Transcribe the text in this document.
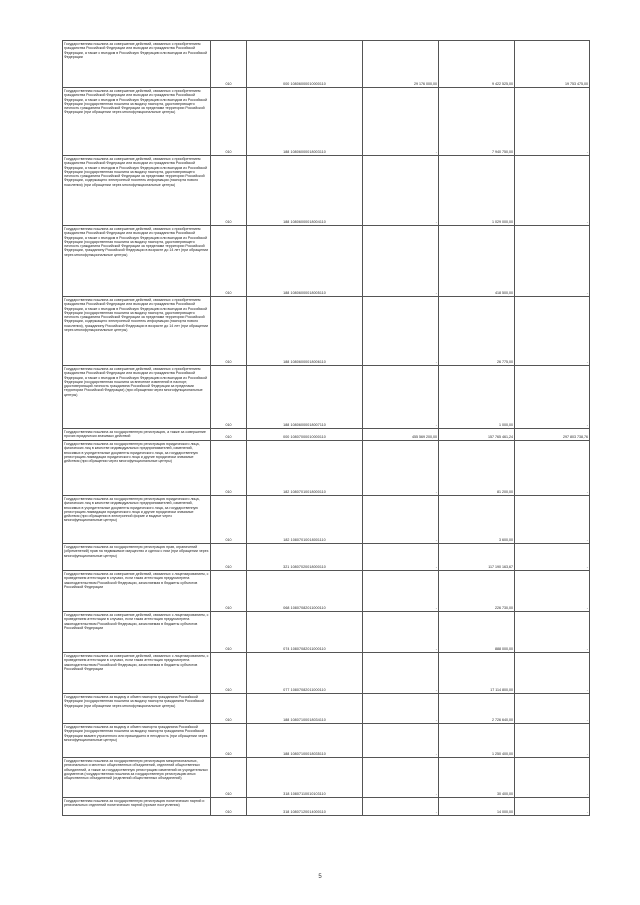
Государственная пошлина за совершение действий, связанных с приобретением гражданства Российской Федерации или выходом из гражданства Российской Федерации, а также с въездом в Российскую Федерацию или выездом из Российской Федерации	010	000 10806000010000110	29 176 000,00	9 422 525,00	19 753 475,00
Государственная пошлина за совершение действий, связанных с приобретением гражданства Российской Федерации или выходом из гражданства Российской Федерации, а также с въездом в Российскую Федерацию или выездом из Российской Федерации (государственная пошлина за выдачу паспорта, удостоверяющего личность гражданина Российской Федерации за пределами территории Российской Федерации (при обращении через многофункциональные центры)	010	188 10806000018003110	-	7 940 750,00	-
Государственная пошлина за совершение действий, связанных с приобретением гражданства Российской Федерации или выходом из гражданства Российской Федерации, а также с въездом в Российскую Федерацию или выездом из Российской Федерации (государственная пошлина за выдачу паспорта, удостоверяющего личность гражданина Российской Федерации за пределами территории Российской Федерации, содержащего электронный носитель информации (паспорта нового поколения) (при обращении через многофункциональные центры)	010	188 10806000018004110	-	1 029 000,00	-
Государственная пошлина за совершение действий, связанных с приобретением гражданства Российской Федерации или выходом из гражданства Российской Федерации, а также с въездом в Российскую Федерацию или выездом из Российской Федерации (государственная пошлина за выдачу паспорта, удостоверяющего личность гражданина Российской Федерации за пределами территории Российской Федерации, гражданину Российской Федерации в возрасте до 14 лет (при обращении через многофункциональные центры)	010	188 10806000018005110	-	418 500,00	-
Государственная пошлина за совершение действий, связанных с приобретением гражданства Российской Федерации или выходом из гражданства Российской Федерации, а также с въездом в Российскую Федерацию или выездом из Российской Федерации (государственная пошлина за выдачу паспорта, удостоверяющего личность гражданина Российской Федерации за пределами территории Российской Федерации, содержащего электронный носитель информации (паспорта нового поколения), гражданину Российской Федерации в возрасте до 14 лет (при обращении через многофункциональные центры)	010	188 10806000018006110	-	26 775,00	-
Государственная пошлина за совершение действий, связанных с приобретением гражданства Российской Федерации или выходом из гражданства Российской Федерации, а также с въездом в Российскую Федерацию или выездом из Российской Федерации (государственная пошлина за внесение изменений в паспорт, удостоверяющий личность гражданина Российской Федерации за пределами территории Российской Федерации) (при обращении через многофункциональные центры)	010	188 10806000018007110	-	1 000,00	-
Государственная пошлина за государственную регистрацию, а также за совершение прочих юридически значимых действий	010	000 10807000010000110	455 569 200,00	157 765 461,24	297 803 738,76
Государственная пошлина за государственную регистрацию юридического лица, физических лиц в качестве индивидуальных предпринимателей, изменений, вносимых в учредительные документы юридического лица, за государственную регистрацию ликвидации юридического лица и другие юридически значимые действия (при обращении через многофункциональные центры)	010	182 10807010018000110	-	81 200,00	-
Государственная пошлина за государственную регистрацию юридического лица, физических лиц в качестве индивидуальных предпринимателей, изменений, вносимых в учредительные документы юридического лица, за государственную регистрацию ликвидации юридического лица и другие юридически значимые действия (при обращении в электронной форме и выдаче через многофункциональные центры)	010	182 10807010018001110	-	3 600,00	-
Государственная пошлина за государственную регистрацию прав, ограничений (обременений) прав на недвижимое имущество и сделок с ним (при обращении через многофункциональные центры)	010	321 10807020018000110	-	117 190 163,67	-
Государственная пошлина за совершение действий, связанных с лицензированием, с проведением аттестации в случаях, если такая аттестация предусмотрена законодательством Российской Федерации, зачисляемая в бюджеты субъектов Российской Федерации	010	068 10807082011000110	-	226 730,00	-
Государственная пошлина за совершение действий, связанных с лицензированием, с проведением аттестации в случаях, если такая аттестация предусмотрена законодательством Российской Федерации, зачисляемая в бюджеты субъектов Российской Федерации	010	074 10807082011000110	-	888 000,00	-
Государственная пошлина за совершение действий, связанных с лицензированием, с проведением аттестации в случаях, если такая аттестация предусмотрена законодательством Российской Федерации, зачисляемая в бюджеты субъектов Российской Федерации	010	077 10807082011000110	-	17 114 800,00	-
Государственная пошлина за выдачу и обмен паспорта гражданина Российской Федерации (государственная пошлина за выдачу паспорта гражданина Российской Федерации (при обращении через многофункциональные центры)	010	188 10807100018034110	-	2 726 640,00	-
Государственная пошлина за выдачу и обмен паспорта гражданина Российской Федерации (государственная пошлина за выдачу паспорта гражданина Российской Федерации взамен утраченного или пришедшего в негодность (при обращении через многофункциональные центры)	010	188 10807100018035110	-	1 250 400,00	-
Государственная пошлина за государственную регистрацию межрегиональных, региональных и местных общественных объединений, отделений общественных объединений, а также за государственную регистрацию изменений их учредительных документов (государственная пошлина за государственную регистрацию иных общественных объединений (отделений общественных объединений)	010	318 10807110010103110	-	30 400,00	-
Государственная пошлина за государственную регистрацию политических партий и региональных отделений политических партий (прочие поступления)	010	318 10807120014000110	-	14 000,00	-
5
